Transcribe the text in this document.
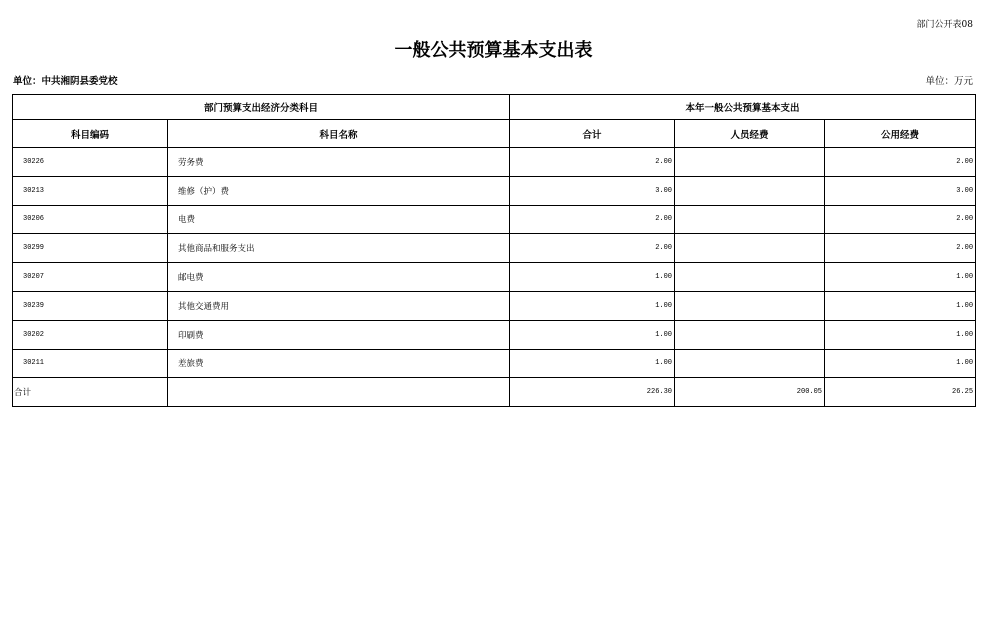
部门公开表08
一般公共预算基本支出表
单位：中共湘阴县委党校	单位：万元
部门预算支出经济分类科目		本年一般公共预算基本支出		
科目编码	科目名称	合计	人员经费	公用经费
30226	劳务费	2.00		2.00
30213	维修（护）费	3.00		3.00
30206	电费	2.00		2.00
30299	其他商品和服务支出	2.00		2.00
30207	邮电费	1.00		1.00
30239	其他交通费用	1.00		1.00
30202	印刷费	1.00		1.00
30211	差旅费	1.00		1.00
合计		226.30	200.05	26.25
